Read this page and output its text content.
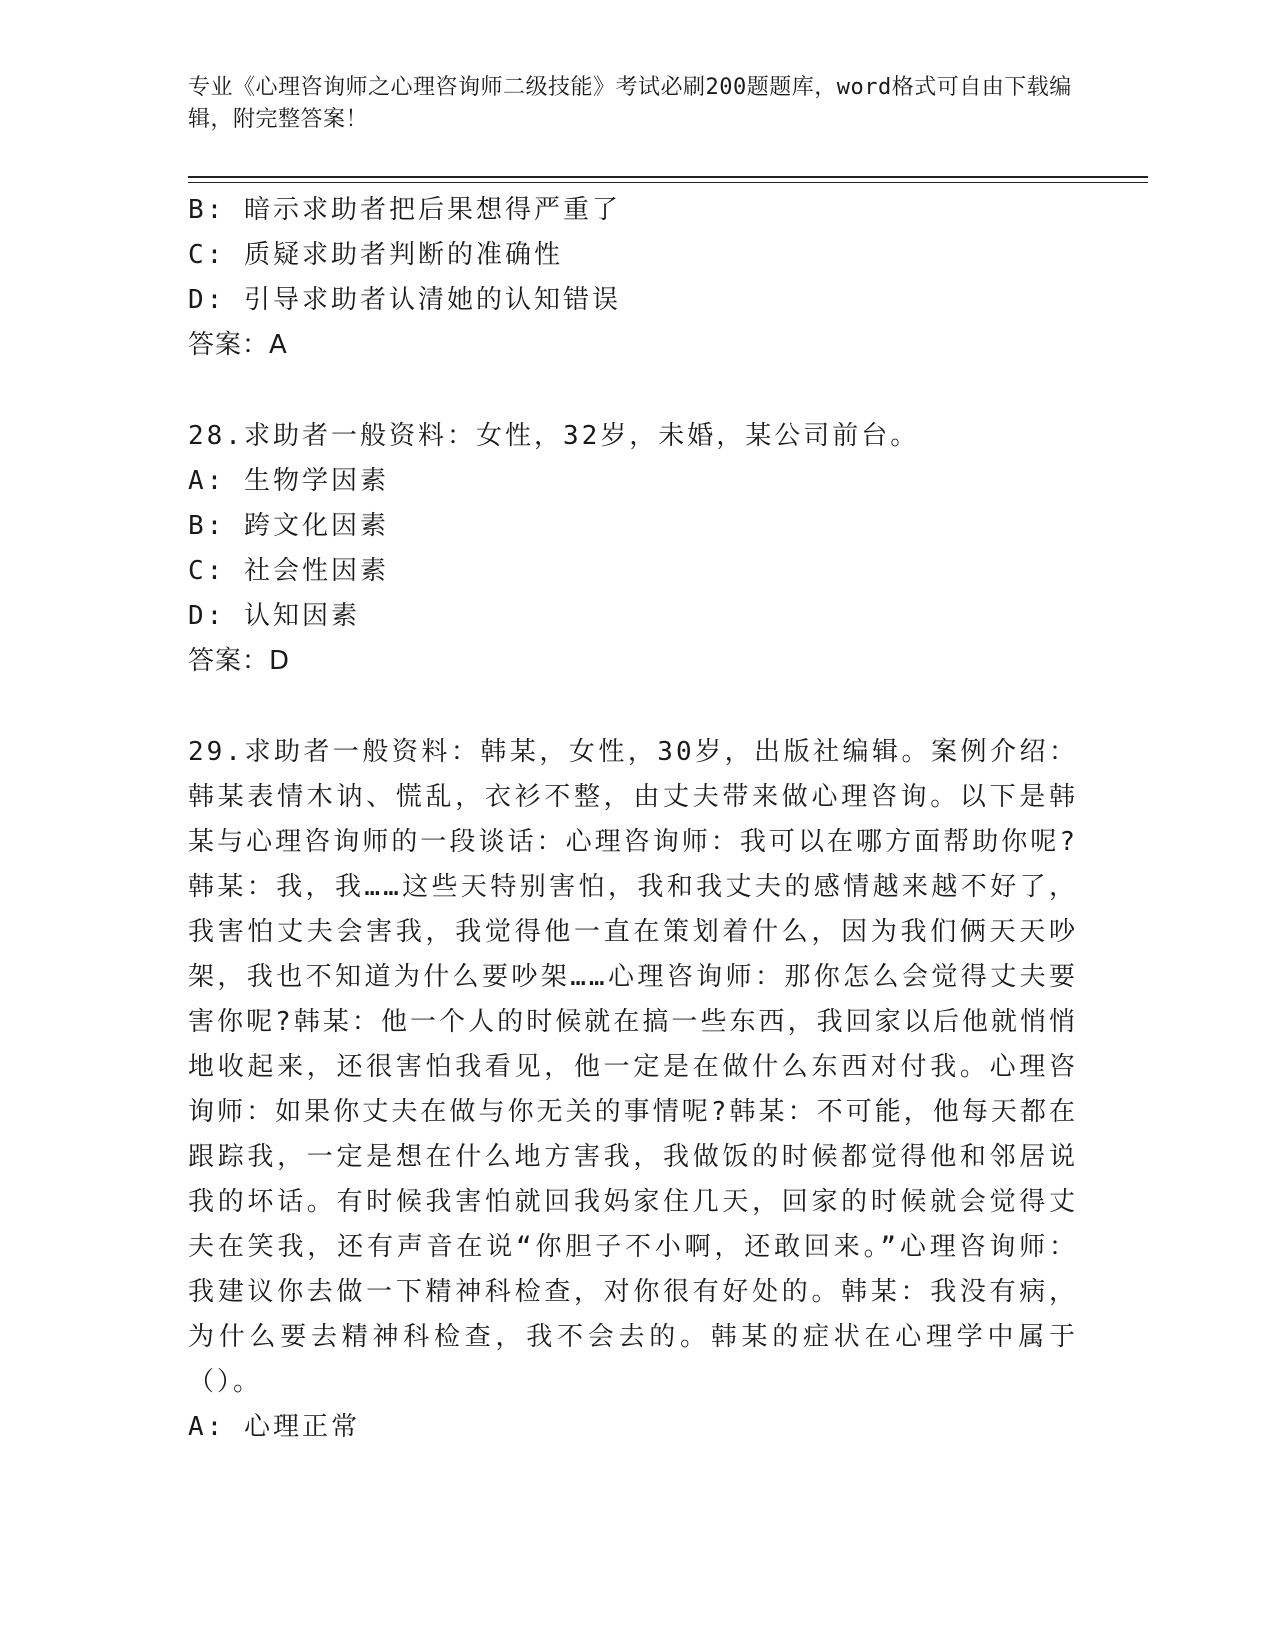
专业《心理咨询师之心理咨询师二级技能》考试必刷200题题库，word格式可自由下载编辑，附完整答案！
B: 暗示求助者把后果想得严重了
C: 质疑求助者判断的准确性
D: 引导求助者认清她的认知错误
答案：A
28.求助者一般资料：女性，32岁，未婚，某公司前台。
A: 生物学因素
B: 跨文化因素
C: 社会性因素
D: 认知因素
答案：D
29.求助者一般资料：韩某，女性，30岁，出版社编辑。案例介绍：韩某表情木讷、慌乱，衣衫不整，由丈夫带来做心理咨询。以下是韩某与心理咨询师的一段谈话：心理咨询师：我可以在哪方面帮助你呢?韩某：我，我……这些天特别害怕，我和我丈夫的感情越来越不好了，我害怕丈夫会害我，我觉得他一直在策划着什么，因为我们俩天天吵架，我也不知道为什么要吵架……心理咨询师：那你怎么会觉得丈夫要害你呢?韩某：他一个人的时候就在搞一些东西，我回家以后他就悄悄地收起来，还很害怕我看见，他一定是在做什么东西对付我。心理咨询师：如果你丈夫在做与你无关的事情呢?韩某：不可能，他每天都在跟踪我，一定是想在什么地方害我，我做饭的时候都觉得他和邻居说我的坏话。有时候我害怕就回我妈家住几天，回家的时候就会觉得丈夫在笑我，还有声音在说“你胆子不小啊，还敢回来。”心理咨询师：我建议你去做一下精神科检查，对你很有好处的。韩某：我没有病，为什么要去精神科检查，我不会去的。韩某的症状在心理学中属于（）。
A: 心理正常
